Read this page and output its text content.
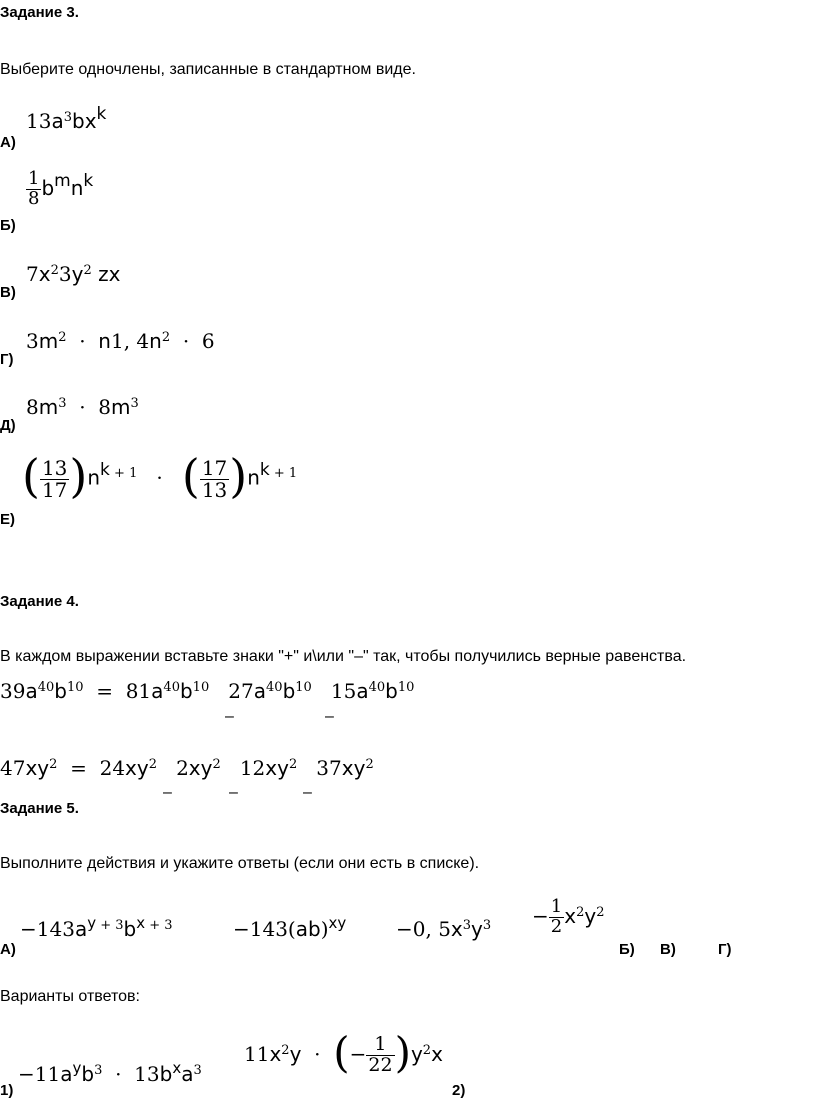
Задание 3.
Выберите одночлены, записанные в стандартном виде.
$13a^3bx^k$
А)
$\frac{1}{8} b^mn^k$
Б)
$7x^23y^2$ zx
В)
$3m^2 \cdot n1$, $4n^2 \cdot 6$
Г)
$8m^3 \cdot 8m^3$
Д)
( $\frac{13}{17} )n^k$ $^{+ 1}$   ·   ( $\frac{17}{13} )n^k$ $^{+ 1}$
Е)
Задание 4.
В каждом выражении вставьте знаки "+" и\или "–" так, чтобы получились верные равенства.
$39a^{40}b^{10} = 81a^{40}b^{10}$   $27a^{40}b^{10}$   $15a^{40}b^{10}$
–	–
$47xy^2 = 24xy^2$   $2xy^2$   $12xy^2$   $37xy^2$
–	–	–
Задание 5.
Выполните действия и укажите ответы (если они есть в списке).
$-143a^y$ $^{+ 3}b^x$ $^{+ 3}$	−143(ab)$^{xy}$ −0, $5x^3y^3 - \frac{1}{2} x^2y^2$
А)	Б) В)	Г)
Варианты ответов:
$-11a^yb^3 \cdot 13b^xa^3$
$11x^2y$  ·  (− $\frac{1}{22} )y^2x$
1)	2)
